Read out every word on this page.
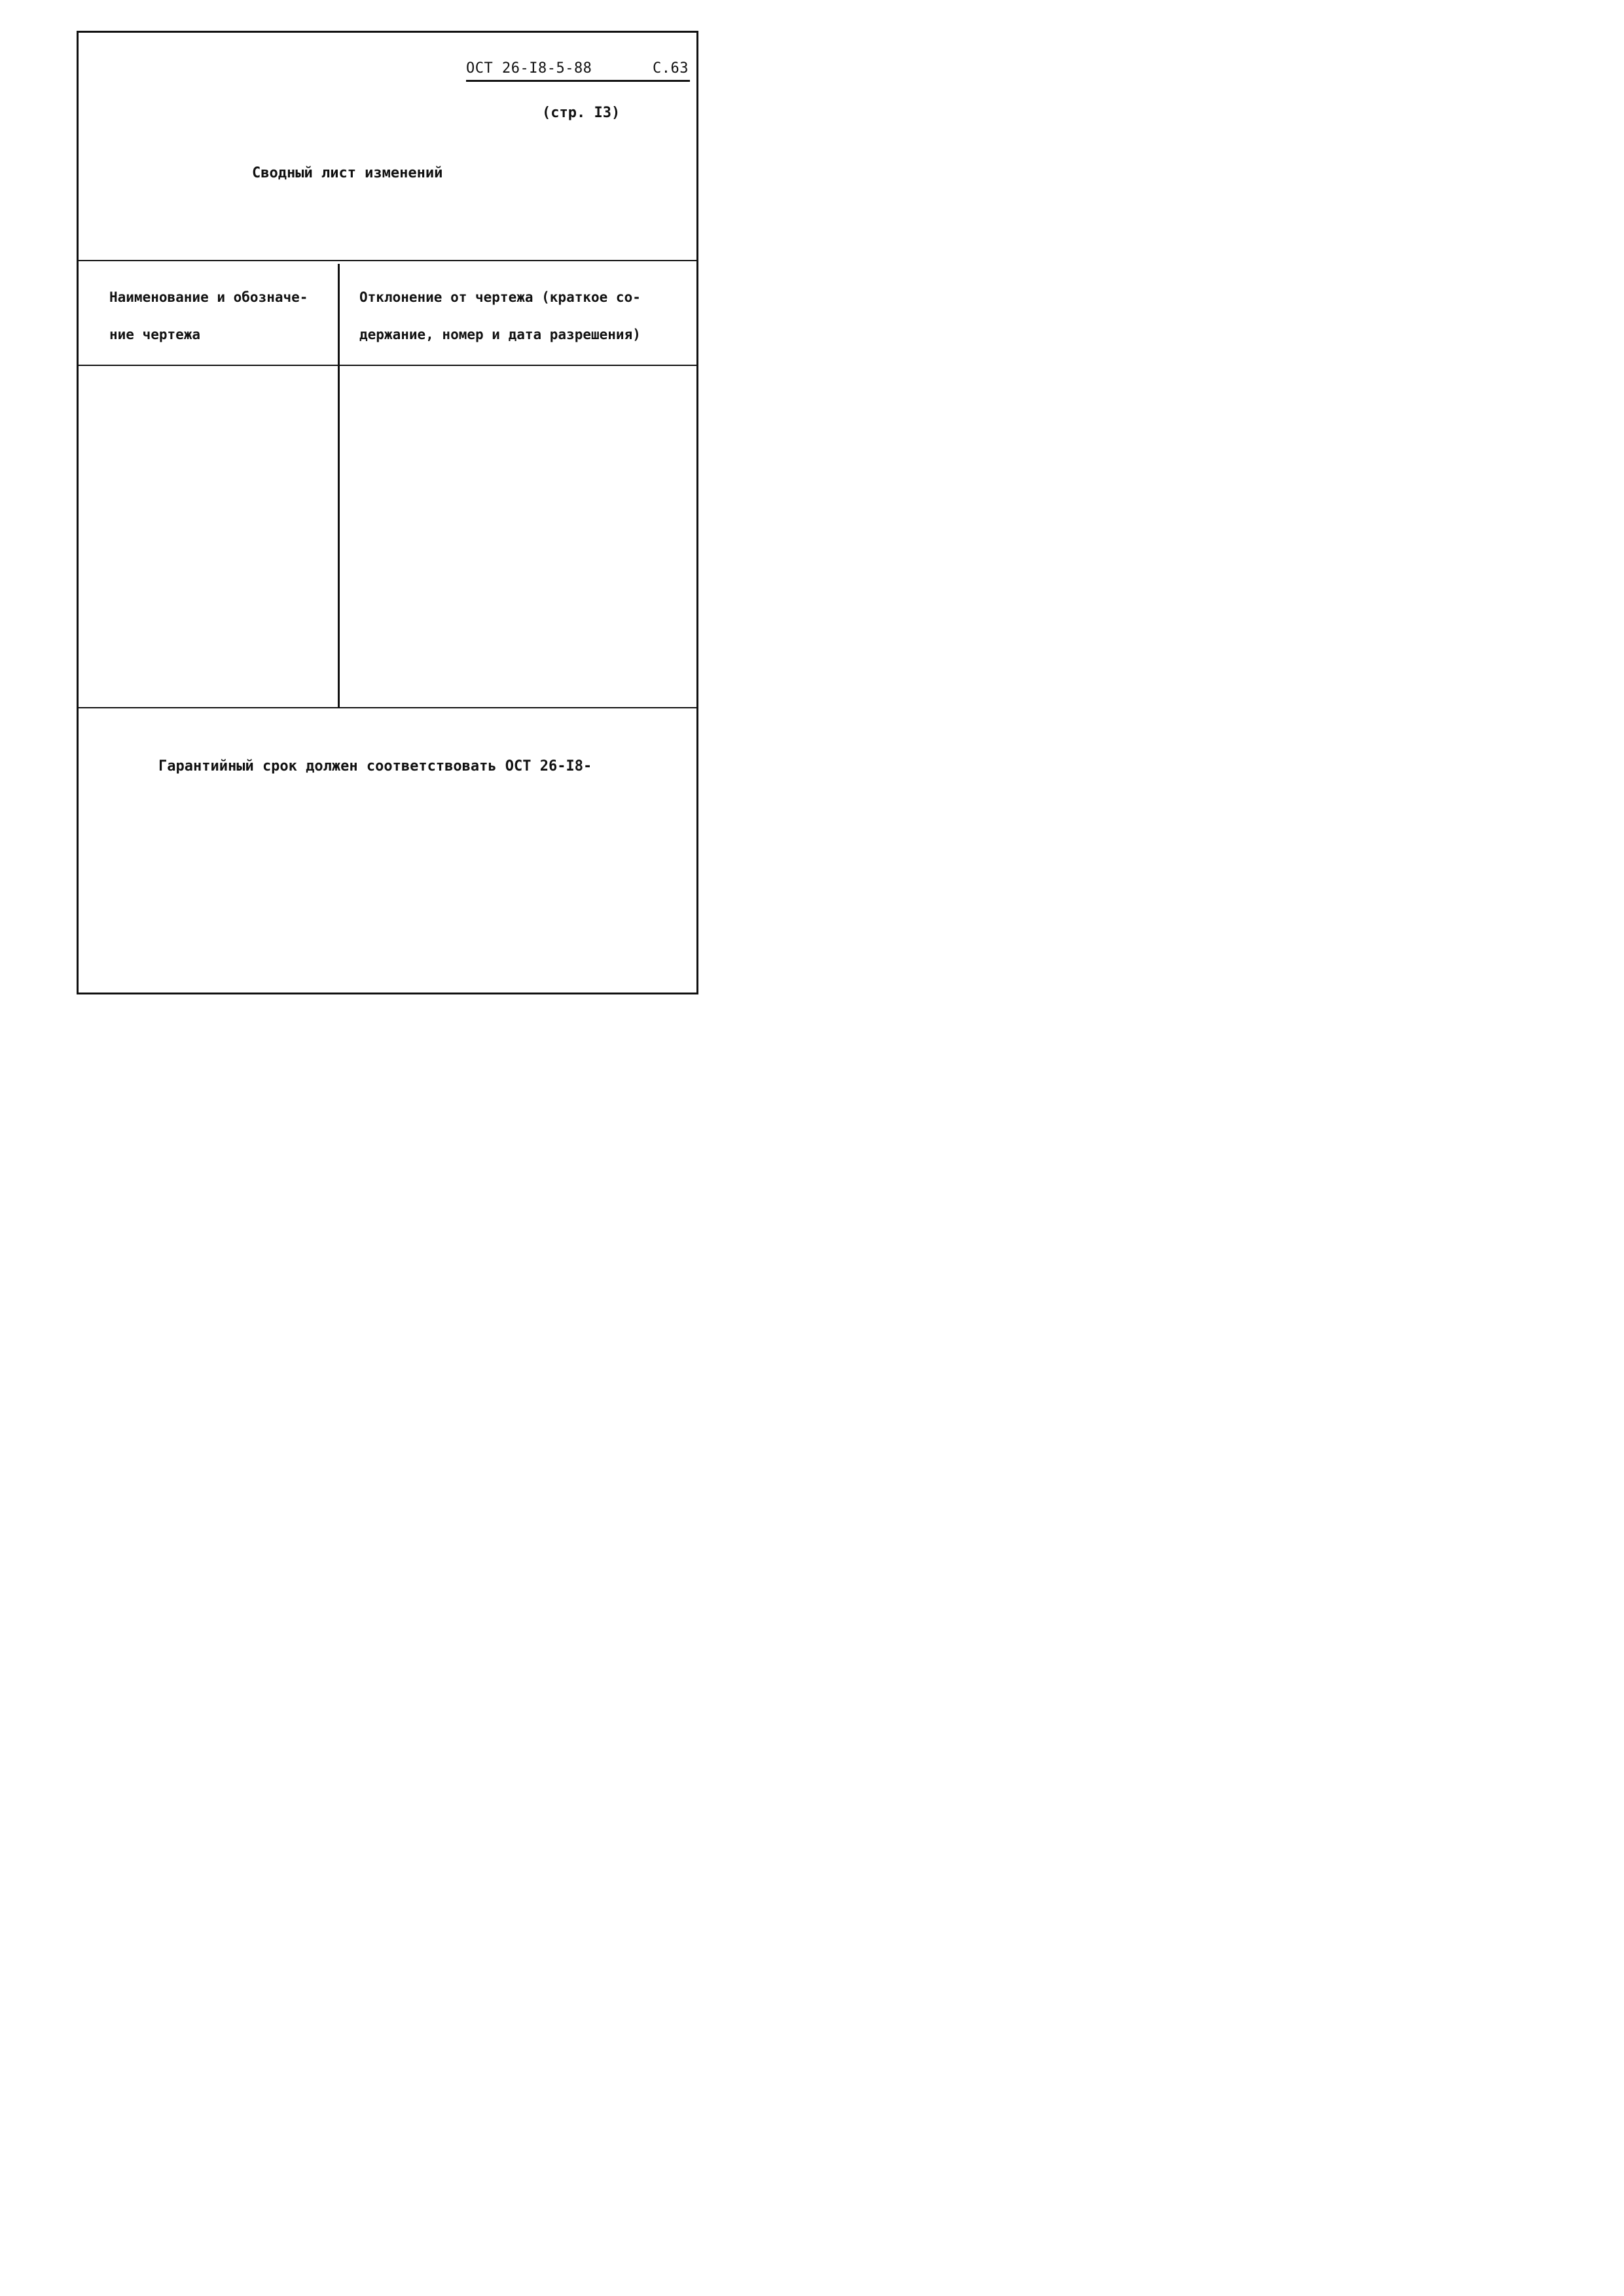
ОСТ 26-I8-5-88	С.63
(стр. I3)
Сводный лист изменений
Наименование и обозначе-
ние чертежа
Отклонение от чертежа (краткое со-
держание, номер и дата разрешения)
Гарантийный срок должен соответствовать ОСТ 26-I8-
